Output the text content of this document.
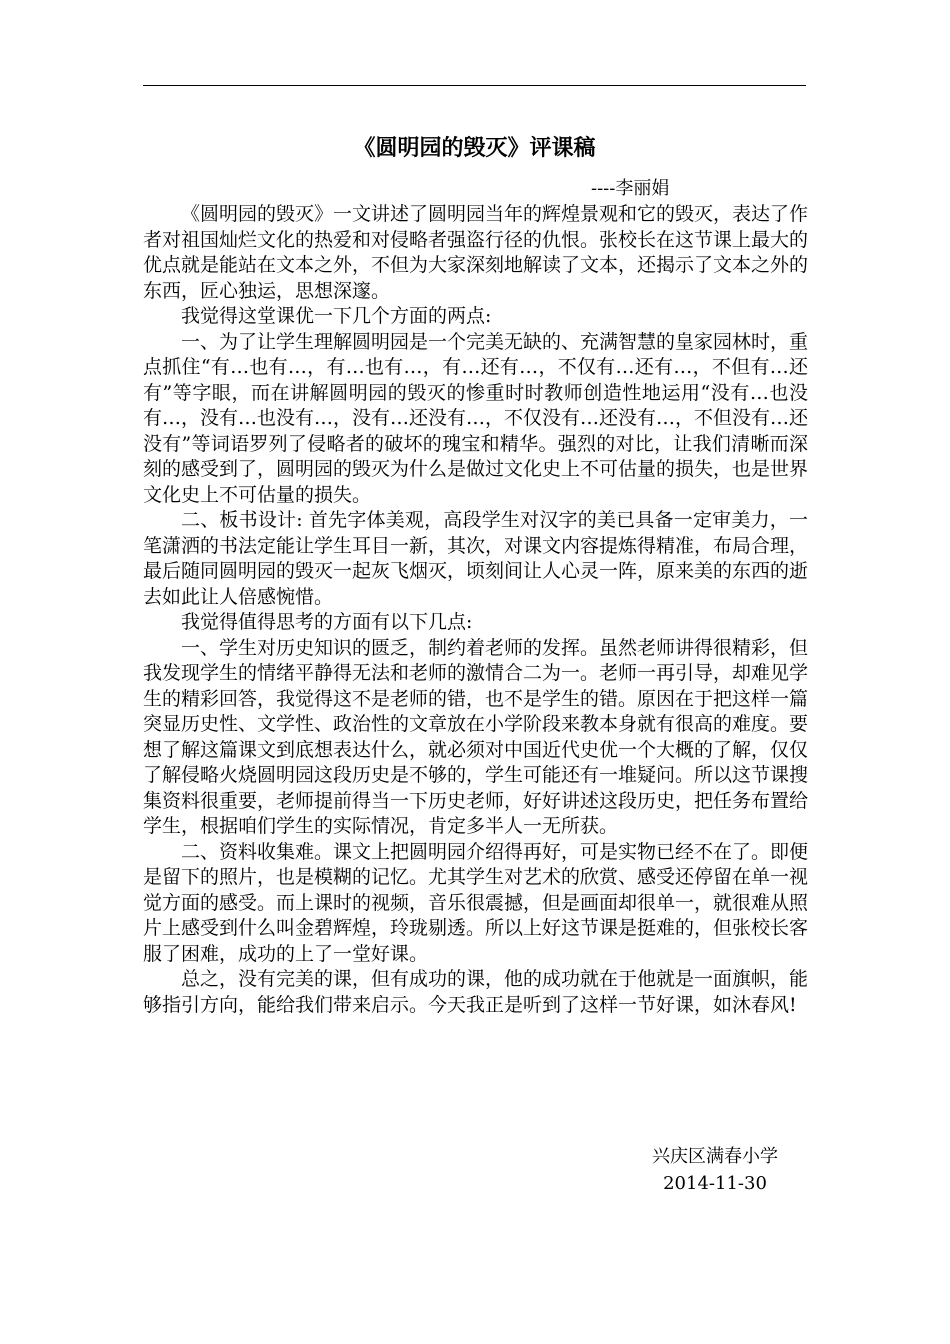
《圆明园的毁灭》评课稿
----李丽娟

《圆明园的毁灭》一文讲述了圆明园当年的辉煌景观和它的毁灭，表达了作者对祖国灿烂文化的热爱和对侵略者强盗行径的仇恨。张校长在这节课上最大的优点就是能站在文本之外，不但为大家深刻地解读了文本，还揭示了文本之外的东西，匠心独运，思想深邃。

我觉得这堂课优一下几个方面的两点:

一、为了让学生理解圆明园是一个完美无缺的、充满智慧的皇家园林时，重点抓住“有…也有…，有…也有…，有…还有…，不仅有…还有…，不但有…还有”等字眼，而在讲解圆明园的毁灭的惨重时时教师创造性地运用“没有…也没有…，没有…也没有…，没有…还没有…，不仅没有…还没有…，不但没有…还没有”等词语罗列了侵略者的破坏的瑰宝和精华。强烈的对比，让我们清晰而深刻的感受到了，圆明园的毁灭为什么是做过文化史上不可估量的损失，也是世界文化史上不可估量的损失。

二、板书设计: 首先字体美观，高段学生对汉字的美已具备一定审美力，一笔潇洒的书法定能让学生耳目一新，其次，对课文内容提炼得精准，布局合理，最后随同圆明园的毁灭一起灰飞烟灭，顷刻间让人心灵一阵，原来美的东西的逝去如此让人倍感惋惜。

我觉得值得思考的方面有以下几点:

一、学生对历史知识的匮乏，制约着老师的发挥。虽然老师讲得很精彩，但我发现学生的情绪平静得无法和老师的激情合二为一。老师一再引导，却难见学生的精彩回答，我觉得这不是老师的错，也不是学生的错。原因在于把这样一篇突显历史性、文学性、政治性的文章放在小学阶段来教本身就有很高的难度。要想了解这篇课文到底想表达什么，就必须对中国近代史优一个大概的了解，仅仅了解侵略火烧圆明园这段历史是不够的，学生可能还有一堆疑问。所以这节课搜集资料很重要，老师提前得当一下历史老师，好好讲述这段历史，把任务布置给学生，根据咱们学生的实际情况，肯定多半人一无所获。

二、资料收集难。课文上把圆明园介绍得再好，可是实物已经不在了。即便是留下的照片，也是模糊的记忆。尤其学生对艺术的欣赏、感受还停留在单一视觉方面的感受。而上课时的视频，音乐很震撼，但是画面却很单一，就很难从照片上感受到什么叫金碧辉煌，玲珑剔透。所以上好这节课是挺难的，但张校长客服了困难，成功的上了一堂好课。

总之，没有完美的课，但有成功的课，他的成功就在于他就是一面旗帜，能够指引方向，能给我们带来启示。今天我正是听到了这样一节好课，如沐春风!

兴庆区满春小学
2014-11-30
